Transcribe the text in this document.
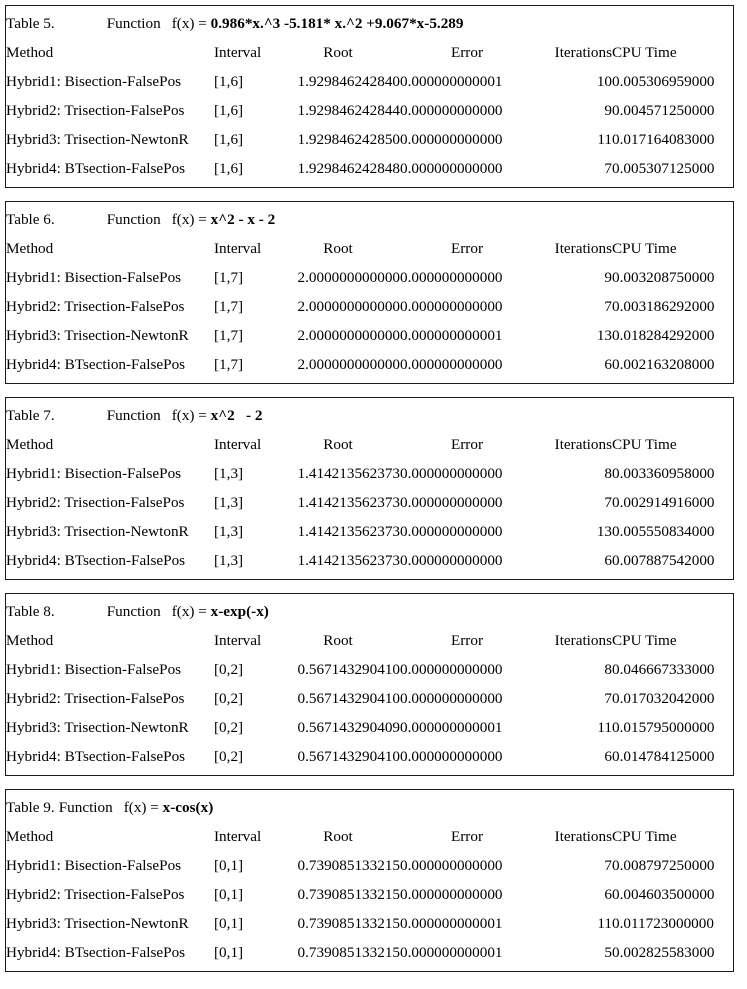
Table 5. Function f(x) = 0.986*x.^3 -5.181* x.^2 +9.067*x-5.289					
Method	Interval	Root	Error	Iterations	CPU Time
Hybrid1: Bisection-FalsePos	[1,6]	1.929846242840	0.000000000001	10	0.005306959000
Hybrid2: Trisection-FalsePos	[1,6]	1.929846242844	0.000000000000	9	0.004571250000
Hybrid3: Trisection-NewtonR	[1,6]	1.929846242850	0.000000000000	11	0.017164083000
Hybrid4: BTsection-FalsePos	[1,6]	1.929846242848	0.000000000000	7	0.005307125000
Table 6. Function f(x) = x^2 - x - 2					
Method	Interval	Root	Error	Iterations	CPU Time
Hybrid1: Bisection-FalsePos	[1,7]	2.000000000000	0.000000000000	9	0.003208750000
Hybrid2: Trisection-FalsePos	[1,7]	2.000000000000	0.000000000000	7	0.003186292000
Hybrid3: Trisection-NewtonR	[1,7]	2.000000000000	0.000000000001	13	0.018284292000
Hybrid4: BTsection-FalsePos	[1,7]	2.000000000000	0.000000000000	6	0.002163208000
Table 7. Function f(x) = x^2   - 2					
Method	Interval	Root	Error	Iterations	CPU Time
Hybrid1: Bisection-FalsePos	[1,3]	1.414213562373	0.000000000000	8	0.003360958000
Hybrid2: Trisection-FalsePos	[1,3]	1.414213562373	0.000000000000	7	0.002914916000
Hybrid3: Trisection-NewtonR	[1,3]	1.414213562373	0.000000000000	13	0.005550834000
Hybrid4: BTsection-FalsePos	[1,3]	1.414213562373	0.000000000000	6	0.007887542000
Table 8. Function f(x) = x-exp(-x)					
Method	Interval	Root	Error	Iterations	CPU Time
Hybrid1: Bisection-FalsePos	[0,2]	0.567143290410	0.000000000000	8	0.046667333000
Hybrid2: Trisection-FalsePos	[0,2]	0.567143290410	0.000000000000	7	0.017032042000
Hybrid3: Trisection-NewtonR	[0,2]	0.567143290409	0.000000000001	11	0.015795000000
Hybrid4: BTsection-FalsePos	[0,2]	0.567143290410	0.000000000000	6	0.014784125000
Table 9. Function f(x) = x-cos(x)					
Method	Interval	Root	Error	Iterations	CPU Time
Hybrid1: Bisection-FalsePos	[0,1]	0.739085133215	0.000000000000	7	0.008797250000
Hybrid2: Trisection-FalsePos	[0,1]	0.739085133215	0.000000000000	6	0.004603500000
Hybrid3: Trisection-NewtonR	[0,1]	0.739085133215	0.000000000001	11	0.011723000000
Hybrid4: BTsection-FalsePos	[0,1]	0.739085133215	0.000000000001	5	0.002825583000
